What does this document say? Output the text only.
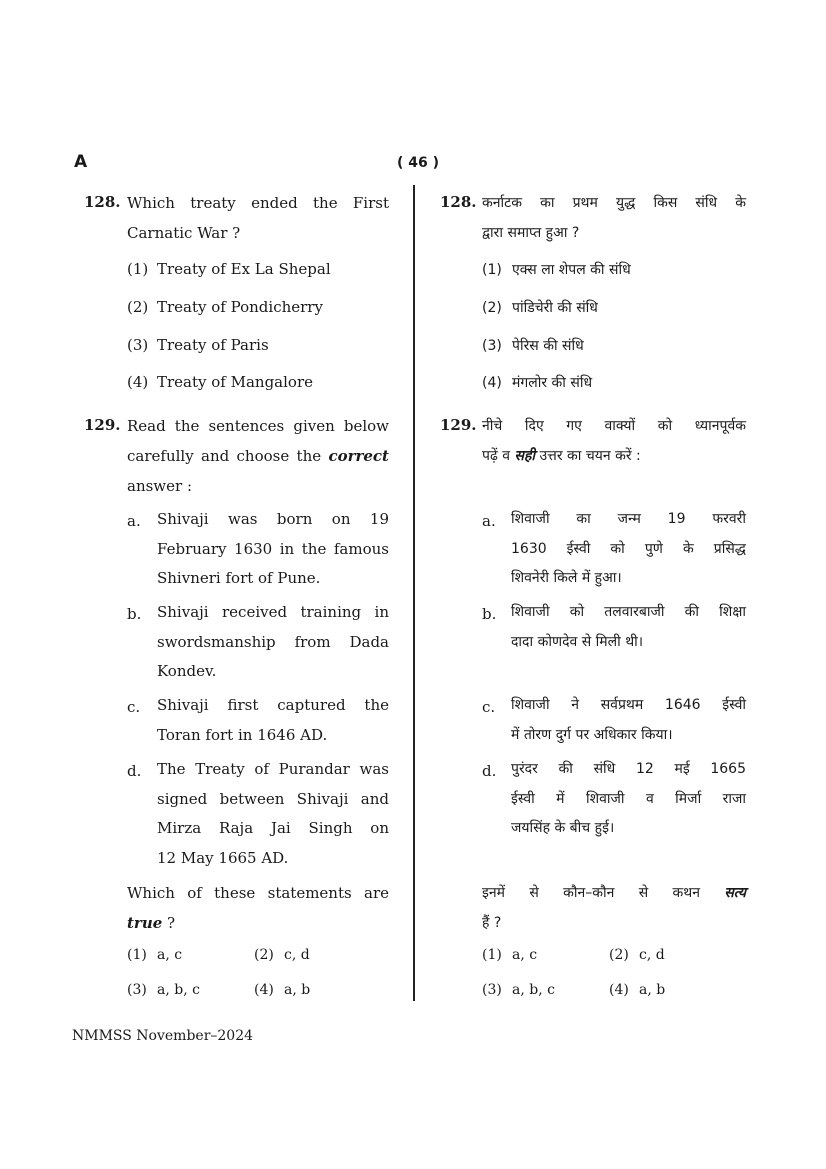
A	( 46 )
128. Which treaty ended the First
Carnatic War ?
(1) Treaty of Ex La Shepal
(2) Treaty of Pondicherry
(3) Treaty of Paris
(4) Treaty of Mangalore
129. Read the sentences given below
carefully and choose the correct
answer :
a. Shivaji was born on 19
February 1630 in the famous
Shivneri fort of Pune.
b. Shivaji received training in
swordsmanship from Dada
Kondev.
c. Shivaji first captured the
Toran fort in 1646 AD.
d. The Treaty of Purandar was
signed between Shivaji and
Mirza Raja Jai Singh on
12 May 1665 AD.
Which of these statements are
true ?
(1) a, c	(2) c, d
(3) a, b, c	(4) a, b
128. कर्नाटक का प्रथम युद्ध किस संधि के
द्वारा समाप्त हुआ ?
(1) एक्स ला शेपल की संधि
(2) पांडिचेरी की संधि
(3) पेरिस की संधि
(4) मंगलोर की संधि
129. नीचे दिए गए वाक्यों को ध्यानपूर्वक
पढ़ें व सही उत्तर का चयन करें :
a. शिवाजी का जन्म 19 फरवरी
1630 ईस्वी को पुणे के प्रसिद्ध
शिवनेरी किले में हुआ।
b. शिवाजी को तलवारबाजी की शिक्षा
दादा कोणदेव से मिली थी।
c. शिवाजी ने सर्वप्रथम 1646 ईस्वी
में तोरण दुर्ग पर अधिकार किया।
d. पुरंदर की संधि 12 मई 1665
ईस्वी में शिवाजी व मिर्जा राजा
जयसिंह के बीच हुई।
इनमें से कौन–कौन से कथन सत्य
हैं ?
(1) a, c	(2) c, d
(3) a, b, c	(4) a, b
NMMSS November–2024
